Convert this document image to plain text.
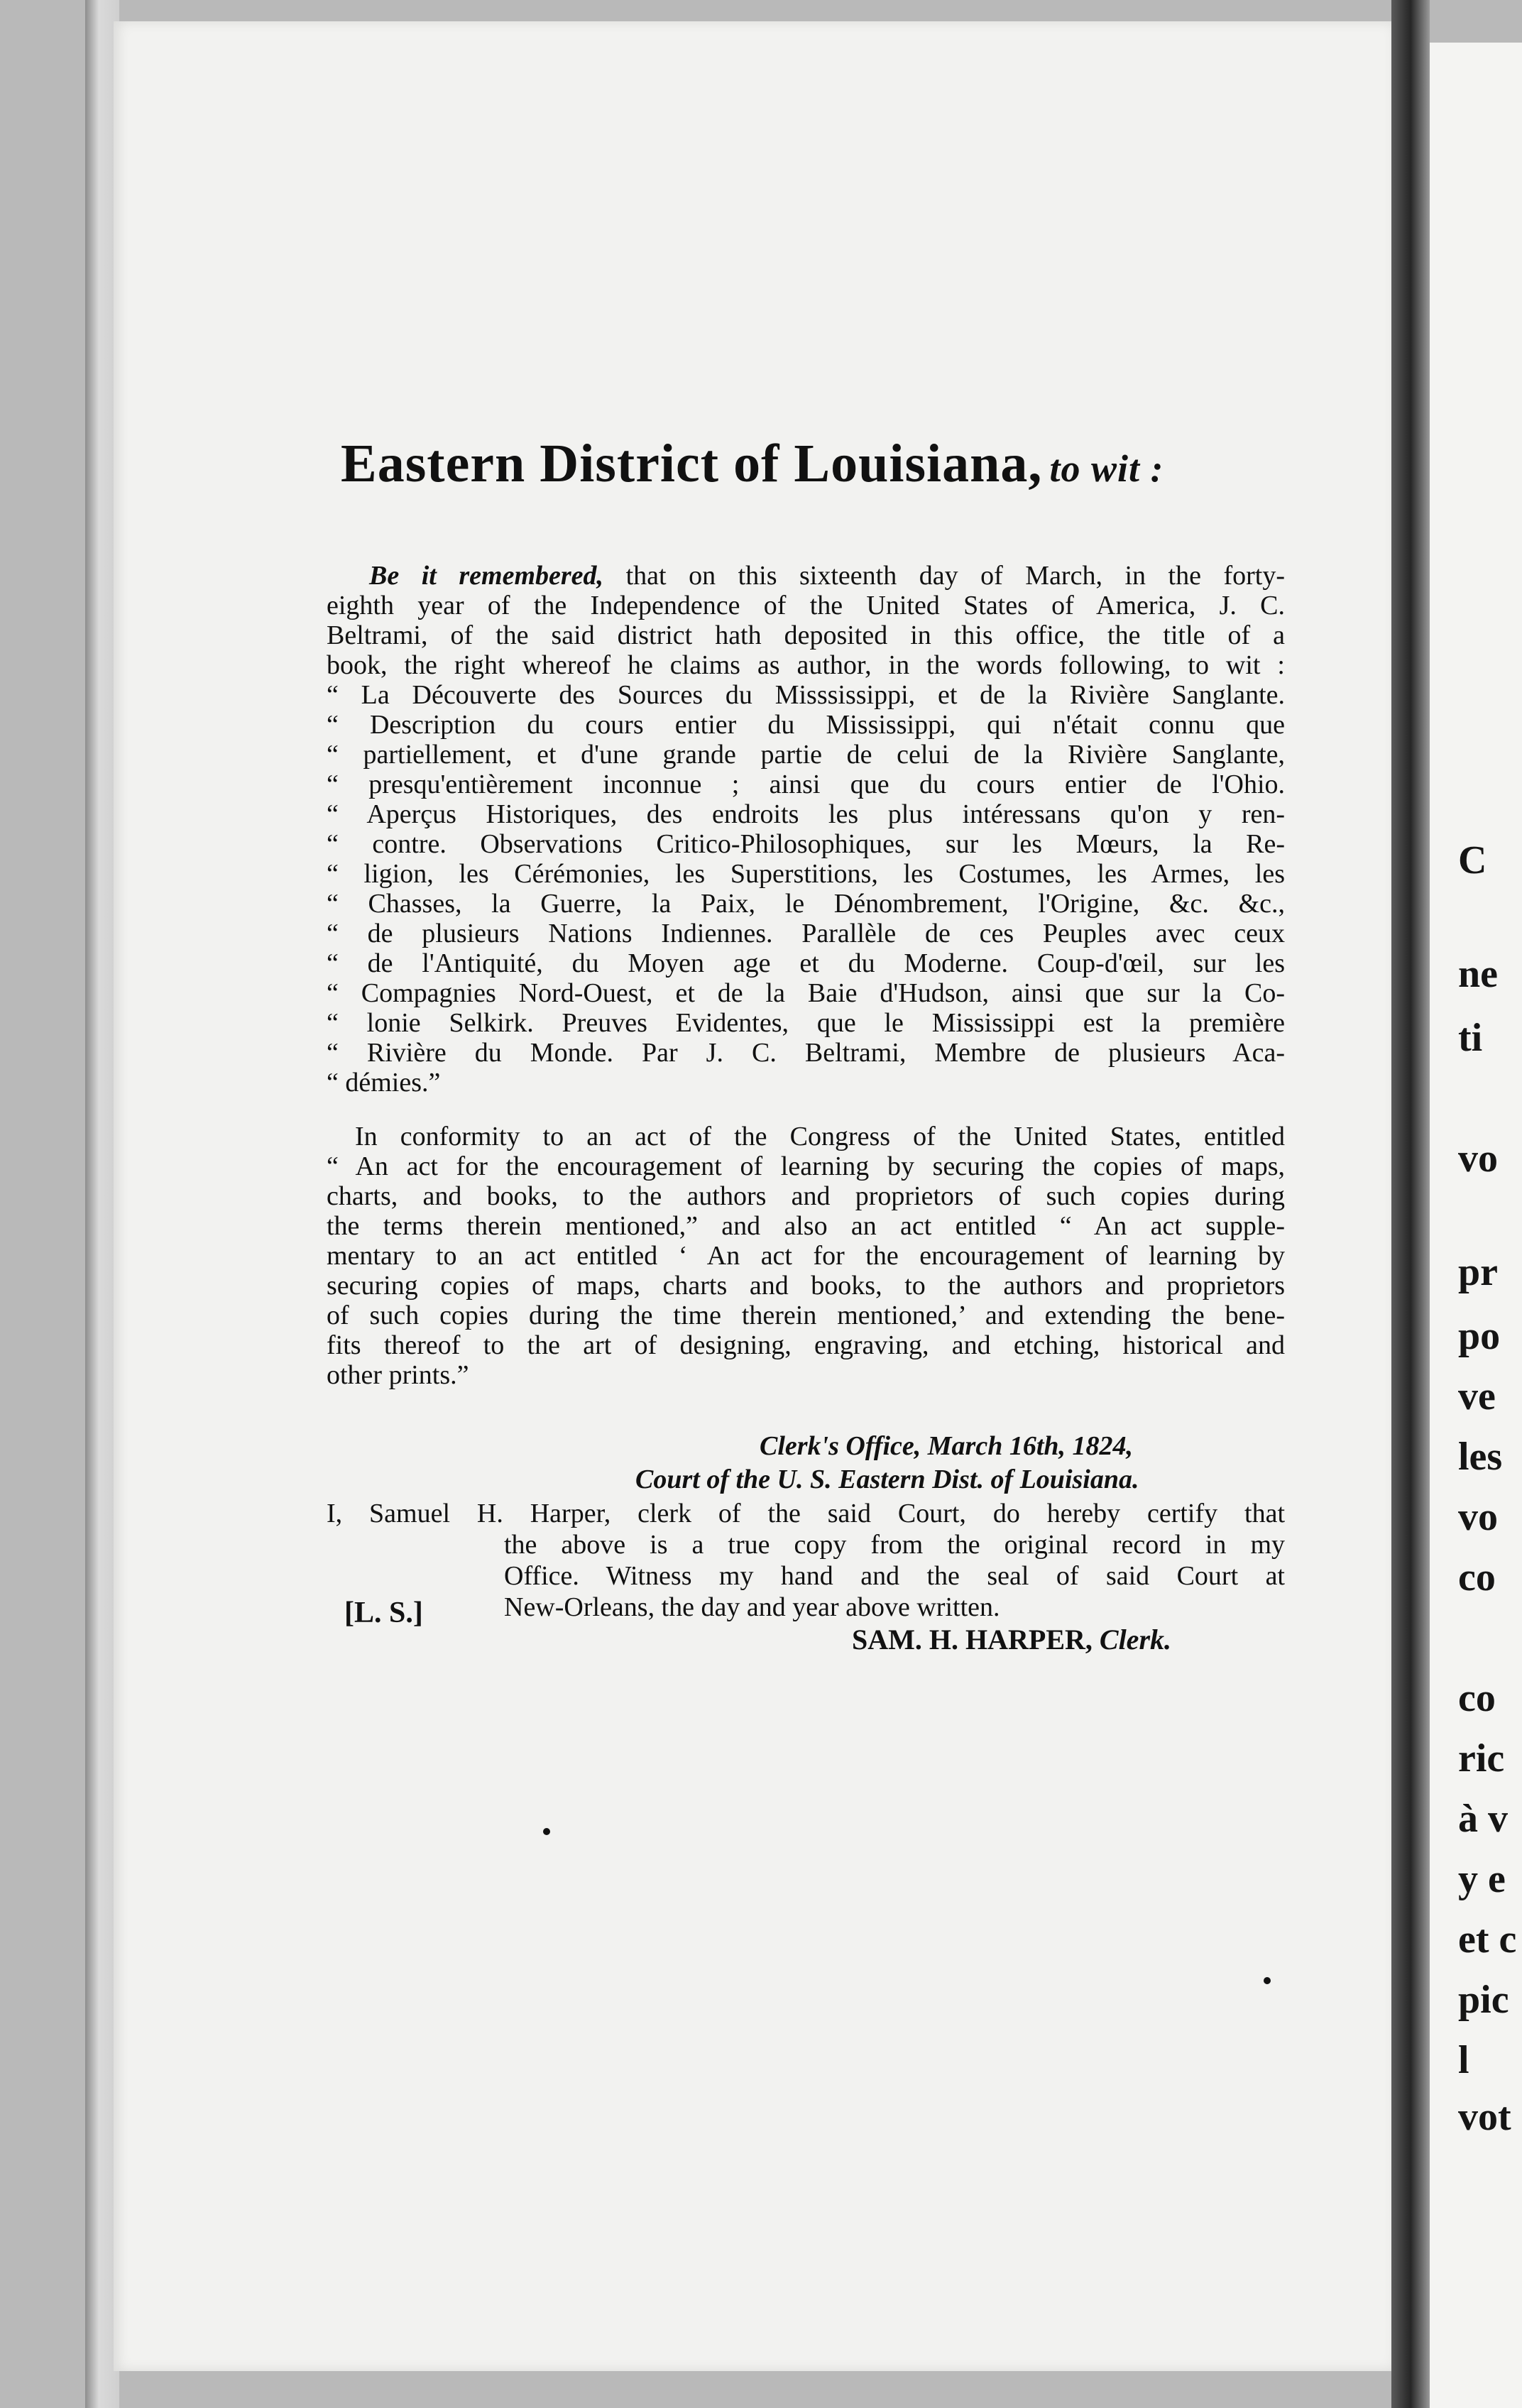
Eastern District of Louisiana, to wit :
Be it remembered, that on this sixteenth day of March, in the forty-
eighth year of the Independence of the United States of America, J. C.
Beltrami, of the said district hath deposited in this office, the title of a
book, the right whereof he claims as author, in the words following, to wit :
“ La Découverte des Sources du Misssissippi, et de la Rivière Sanglante.
“ Description du cours entier du Mississippi, qui n'était connu que
“ partiellement, et d'une grande partie de celui de la Rivière Sanglante,
“ presqu'entièrement inconnue ; ainsi que du cours entier de l'Ohio.
“ Aperçus Historiques, des endroits les plus intéressans qu'on y ren-
“ contre. Observations Critico-Philosophiques, sur les Mœurs, la Re-
“ ligion, les Cérémonies, les Superstitions, les Costumes, les Armes, les
“ Chasses, la Guerre, la Paix, le Dénombrement, l'Origine, &c. &c.,
“ de plusieurs Nations Indiennes. Parallèle de ces Peuples avec ceux
“ de l'Antiquité, du Moyen age et du Moderne. Coup-d'œil, sur les
“ Compagnies Nord-Ouest, et de la Baie d'Hudson, ainsi que sur la Co-
“ lonie Selkirk. Preuves Evidentes, que le Mississippi est la première
“ Rivière du Monde. Par J. C. Beltrami, Membre de plusieurs Aca-
“ démies.”
In conformity to an act of the Congress of the United States, entitled
“ An act for the encouragement of learning by securing the copies of maps,
charts, and books, to the authors and proprietors of such copies during
the terms therein mentioned,” and also an act entitled “ An act supple-
mentary to an act entitled ‘ An act for the encouragement of learning by
securing copies of maps, charts and books, to the authors and proprietors
of such copies during the time therein mentioned,’ and extending the bene-
fits thereof to the art of designing, engraving, and etching, historical and
other prints.”
Clerk's Office, March 16th, 1824,
Court of the U. S. Eastern Dist. of Louisiana.
I, Samuel H. Harper, clerk of the said Court, do hereby certify that
the above is a true copy from the original record in my
Office. Witness my hand and the seal of said Court at
New-Orleans, the day and year above written.
[L. S.]
SAM. H. HARPER, Clerk.
C
ne
ti
vo
pr
po
ve
les
vo
co
co
ric
à v
y e
et c
pic
l
vot
